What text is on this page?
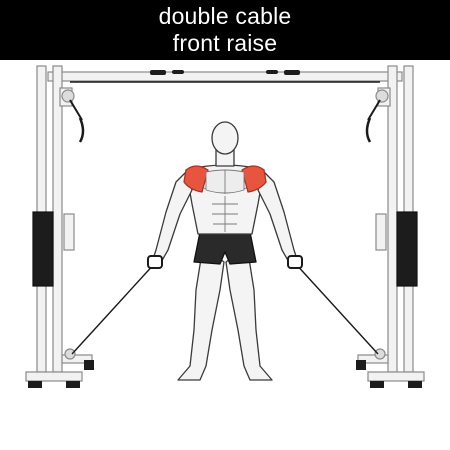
double cable
front raise
